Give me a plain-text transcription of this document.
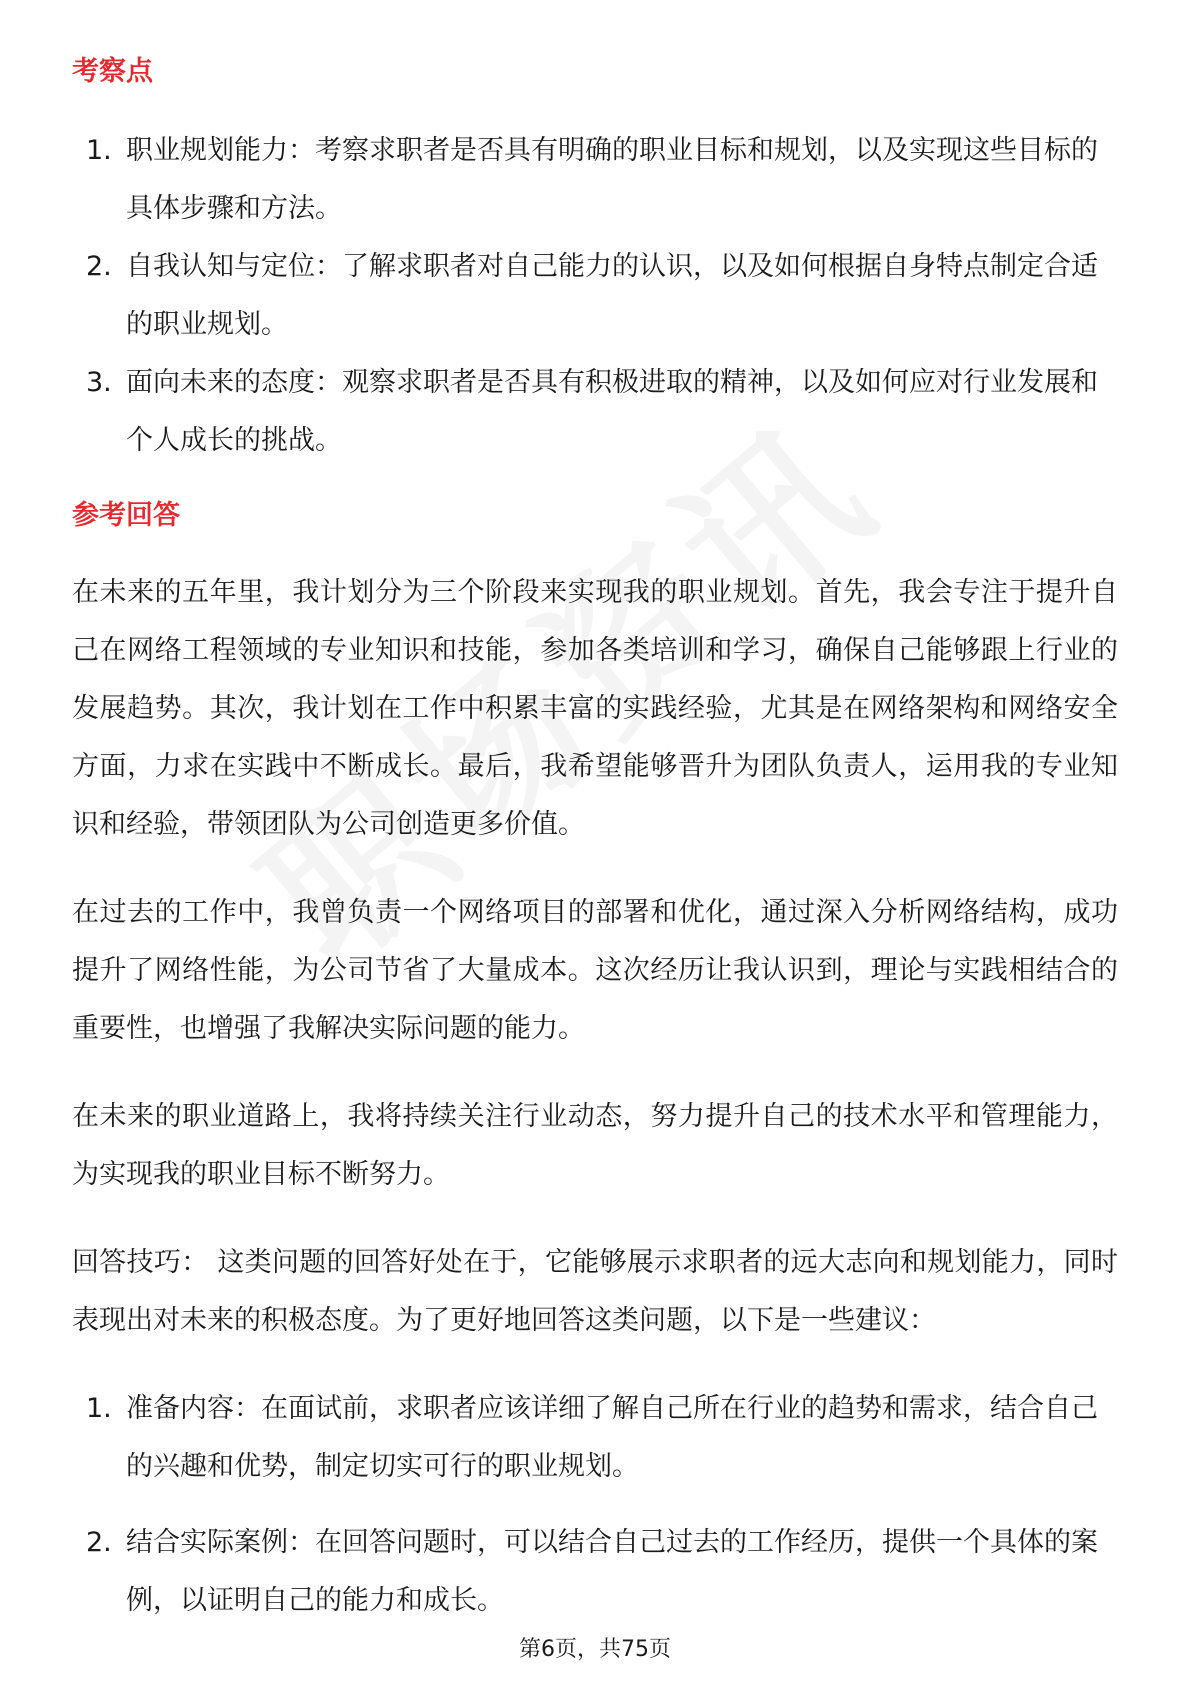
考察点
1. 职业规划能力：考察求职者是否具有明确的职业目标和规划，以及实现这些目标的具体步骤和方法。
2. 自我认知与定位：了解求职者对自己能力的认识，以及如何根据自身特点制定合适的职业规划。
3. 面向未来的态度：观察求职者是否具有积极进取的精神，以及如何应对行业发展和个人成长的挑战。
参考回答

在未来的五年里，我计划分为三个阶段来实现我的职业规划。首先，我会专注于提升自己在网络工程领域的专业知识和技能，参加各类培训和学习，确保自己能够跟上行业的发展趋势。其次，我计划在工作中积累丰富的实践经验，尤其是在网络架构和网络安全方面，力求在实践中不断成长。最后，我希望能够晋升为团队负责人，运用我的专业知识和经验，带领团队为公司创造更多价值。

在过去的工作中，我曾负责一个网络项目的部署和优化，通过深入分析网络结构，成功提升了网络性能，为公司节省了大量成本。这次经历让我认识到，理论与实践相结合的重要性，也增强了我解决实际问题的能力。

在未来的职业道路上，我将持续关注行业动态，努力提升自己的技术水平和管理能力，为实现我的职业目标不断努力。

回答技巧： 这类问题的回答好处在于，它能够展示求职者的远大志向和规划能力，同时表现出对未来的积极态度。为了更好地回答这类问题，以下是一些建议：

1. 准备内容：在面试前，求职者应该详细了解自己所在行业的趋势和需求，结合自己的兴趣和优势，制定切实可行的职业规划。
2. 结合实际案例：在回答问题时，可以结合自己过去的工作经历，提供一个具体的案例，以证明自己的能力和成长。
第6页，共75页
